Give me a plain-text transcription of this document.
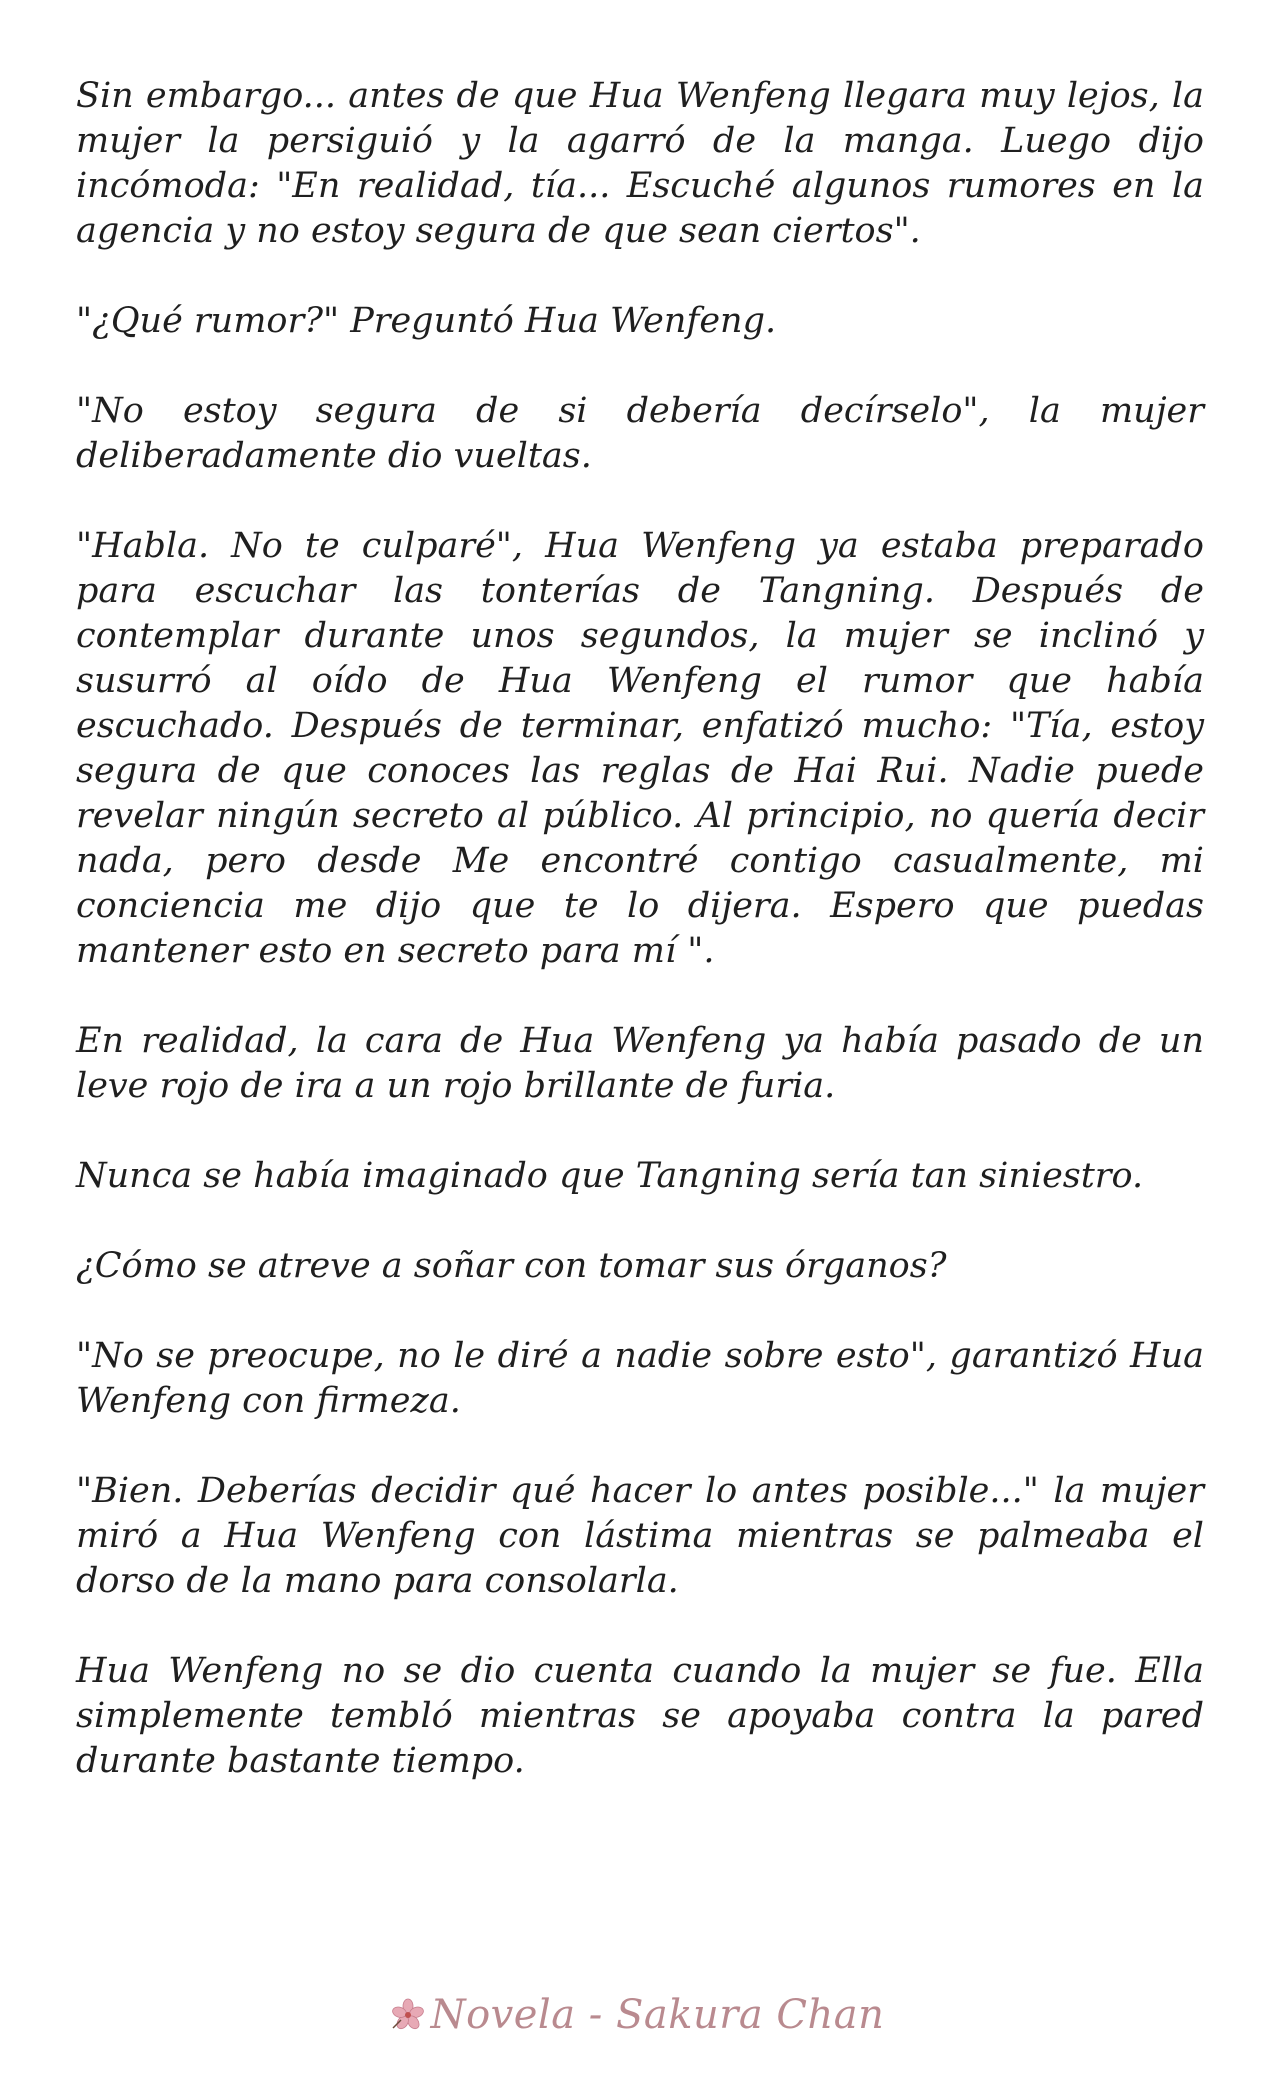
Sin embargo... antes de que Hua Wenfeng llegara muy lejos, la mujer la persiguió y la agarró de la manga. Luego dijo incómoda: "En realidad, tía... Escuché algunos rumores en la agencia y no estoy segura de que sean ciertos".

"¿Qué rumor?" Preguntó Hua Wenfeng.

"No estoy segura de si debería decírselo", la mujer deliberadamente dio vueltas.

"Habla. No te culparé", Hua Wenfeng ya estaba preparado para escuchar las tonterías de Tangning. Después de contemplar durante unos segundos, la mujer se inclinó y susurró al oído de Hua Wenfeng el rumor que había escuchado. Después de terminar, enfatizó mucho: "Tía, estoy segura de que conoces las reglas de Hai Rui. Nadie puede revelar ningún secreto al público. Al principio, no quería decir nada, pero desde Me encontré contigo casualmente, mi conciencia me dijo que te lo dijera. Espero que puedas mantener esto en secreto para mí ".

En realidad, la cara de Hua Wenfeng ya había pasado de un leve rojo de ira a un rojo brillante de furia.

Nunca se había imaginado que Tangning sería tan siniestro.

¿Cómo se atreve a soñar con tomar sus órganos?

"No se preocupe, no le diré a nadie sobre esto", garantizó Hua Wenfeng con firmeza.

"Bien. Deberías decidir qué hacer lo antes posible..." la mujer miró a Hua Wenfeng con lástima mientras se palmeaba el dorso de la mano para consolarla.

Hua Wenfeng no se dio cuenta cuando la mujer se fue. Ella simplemente tembló mientras se apoyaba contra la pared durante bastante tiempo.

Novela - Sakura Chan
